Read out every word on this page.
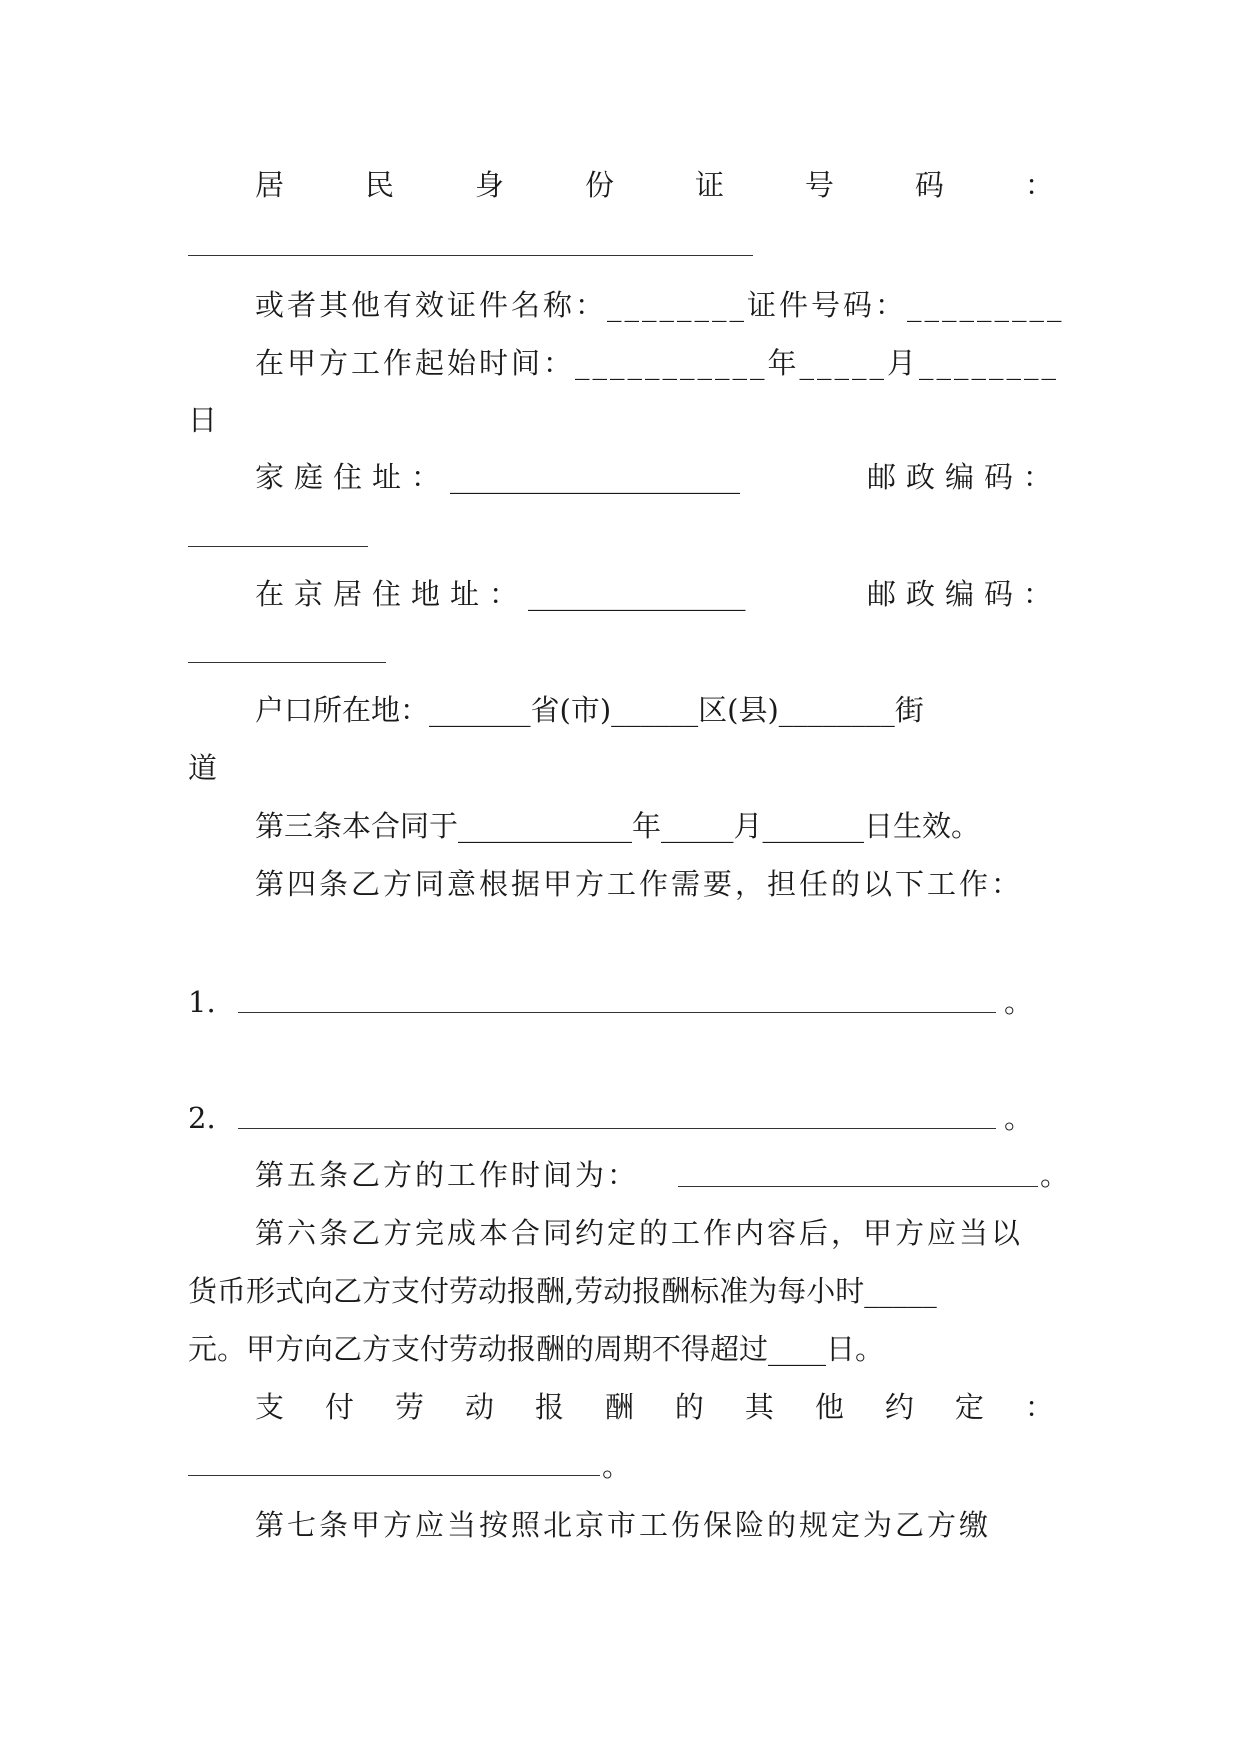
居	民	身	份	证	号	码	：
或者其他有效证件名称：________证件号码：_________
在甲方工作起始时间：___________年_____月________
日
家庭住址：____________________	邮政编码：
在京居住地址：_______________	邮政编码：
户口所在地：_______省(市)______区(县)________街
道
第三条本合同于____________年_____月_______日生效。
第四条乙方同意根据甲方工作需要，担任的以下工作：
1.	。
2.	。
第五条乙方的工作时间为：	。
第六条乙方完成本合同约定的工作内容后，甲方应当以
货币形式向乙方支付劳动报酬,劳动报酬标准为每小时_____
元。甲方向乙方支付劳动报酬的周期不得超过____日。
支 付 劳 动 报 酬 的 其 他 约 定 ：
。
第七条甲方应当按照北京市工伤保险的规定为乙方缴
